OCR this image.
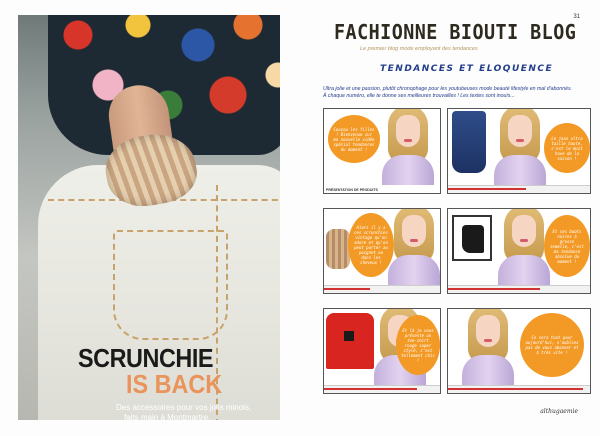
SCRUNCHIE
IS BACK
Des accessoires pour vos jolis minois,
faits main à Montmartre.
31
FACHIONNE BIOUTI BLOG
Le premier blog mode employant des tendances
TENDANCES ET ELOQUENCE
Ultra jolie et une passion, plutôt chronophage pour les youtubeuses mode beauté lifestyle en mal d'abonnés.
À chaque numéro, elle te donne ses meilleures trouvailles ! Les textes sont inouïs...
Coucou les filles ! Bienvenue sur ma nouvelle vidéo spécial tendances du moment !
PRÉSENTATION DE PRODUITS
Le jean ultra taille haute, c'est le must have de la saison !
Alors il y a ces scrunchies vintage qu'on adore et qu'on peut porter au poignet ou dans les cheveux !
Et ces boots noires à grosse semelle, c'est ma tendance absolue du moment !
Et là je vous présente un tee-shirt rouge super stylé, c'est tellement chic !
Ce sera tout pour aujourd'hui, n'oubliez pas de vous abonner et à très vite !
althugaemie
